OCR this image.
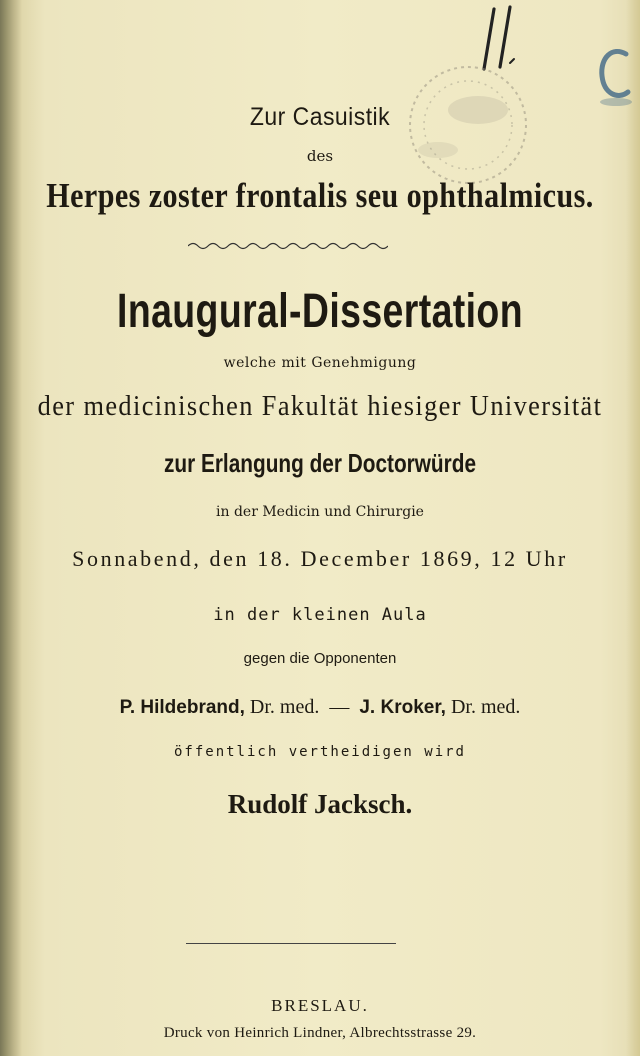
Zur Casuistik

des

Herpes zoster frontalis seu ophthalmicus.

Inaugural-Dissertation

welche mit Genehmigung

der medicinischen Fakultät hiesiger Universität

zur Erlangung der Doctorwürde

in der Medicin und Chirurgie

Sonnabend, den 18. December 1869, 12 Uhr

in der kleinen Aula

gegen die Opponenten

P. Hildebrand, Dr. med. — J. Kroker, Dr. med.

öffentlich vertheidigen wird

Rudolf Jacksch.

BRESLAU.

Druck von Heinrich Lindner, Albrechtsstrasse 29.
